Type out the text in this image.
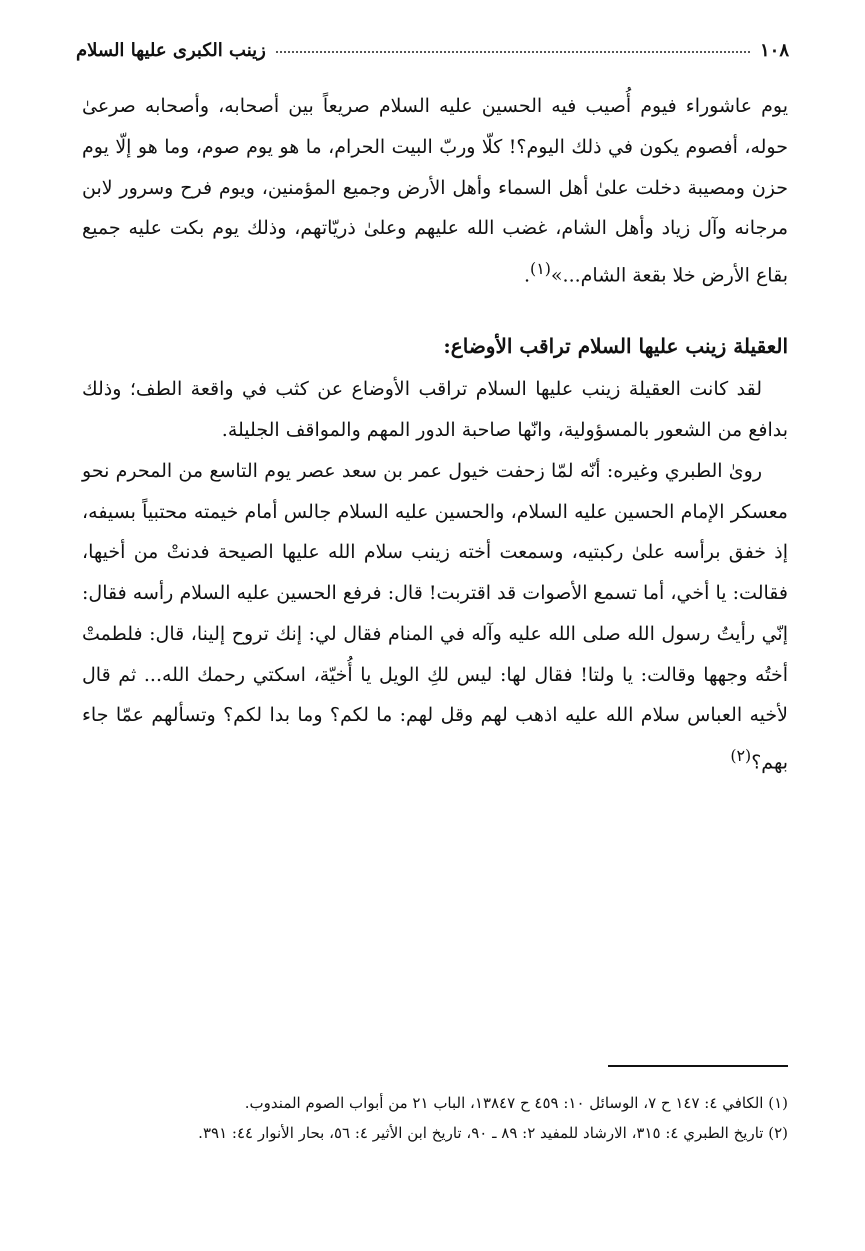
١٠٨
زينب الكبرى عليها السلام

يوم عاشوراء فيوم أُصيب فيه الحسين عليه السلام صريعاً بين أصحابه، وأصحابه صرعىٰ حوله، أفصوم يكون في ذلك اليوم؟! كلّا وربّ البيت الحرام، ما هو يوم صوم، وما هو إلّا يوم حزن ومصيبة دخلت علىٰ أهل السماء وأهل الأرض وجميع المؤمنين، ويوم فرح وسرور لابن مرجانه وآل زياد وأهل الشام، غضب الله عليهم وعلىٰ ذريّاتهم، وذلك يوم بكت عليه جميع بقاع الأرض خلا بقعة الشام...»$^{(١)}$.

العقيلة زينب عليها السلام تراقب الأوضاع:

لقد كانت العقيلة زينب عليها السلام تراقب الأوضاع عن كثب في واقعة الطف؛ وذلك بدافع من الشعور بالمسؤولية، وانّها صاحبة الدور المهم والمواقف الجليلة.

روىٰ الطبري وغيره: أنّه لمّا زحفت خيول عمر بن سعد عصر يوم التاسع من المحرم نحو معسكر الإمام الحسين عليه السلام، والحسين عليه السلام جالس أمام خيمته محتبياً بسيفه، إذ خفق برأسه علىٰ ركبتيه، وسمعت أخته زينب سلام الله عليها الصيحة فدنتْ من أخيها، فقالت: يا أخي، أما تسمع الأصوات قد اقتربت! قال: فرفع الحسين عليه السلام رأسه فقال: إنّي رأيتُ رسول الله صلى الله عليه وآله في المنام فقال لي: إنك تروح إلينا، قال: فلطمتْ أختُه وجهها وقالت: يا ولتا! فقال لها: ليس لكِ الويل يا أُخيّة، اسكتي رحمك الله... ثم قال لأخيه العباس سلام الله عليه اذهب لهم وقل لهم: ما لكم؟ وما بدا لكم؟ وتسألهم عمّا جاء بهم؟$^{(٢)}$

(١) الكافي ٤: ١٤٧ ح ٧، الوسائل ١٠: ٤٥٩ ح ١٣٨٤٧، الباب ٢١ من أبواب الصوم المندوب.

(٢) تاريخ الطبري ٤: ٣١٥، الارشاد للمفيد ٢: ٨٩ ـ ٩٠، تاريخ ابن الأثير ٤: ٥٦، بحار الأنوار ٤٤: ٣٩١.
